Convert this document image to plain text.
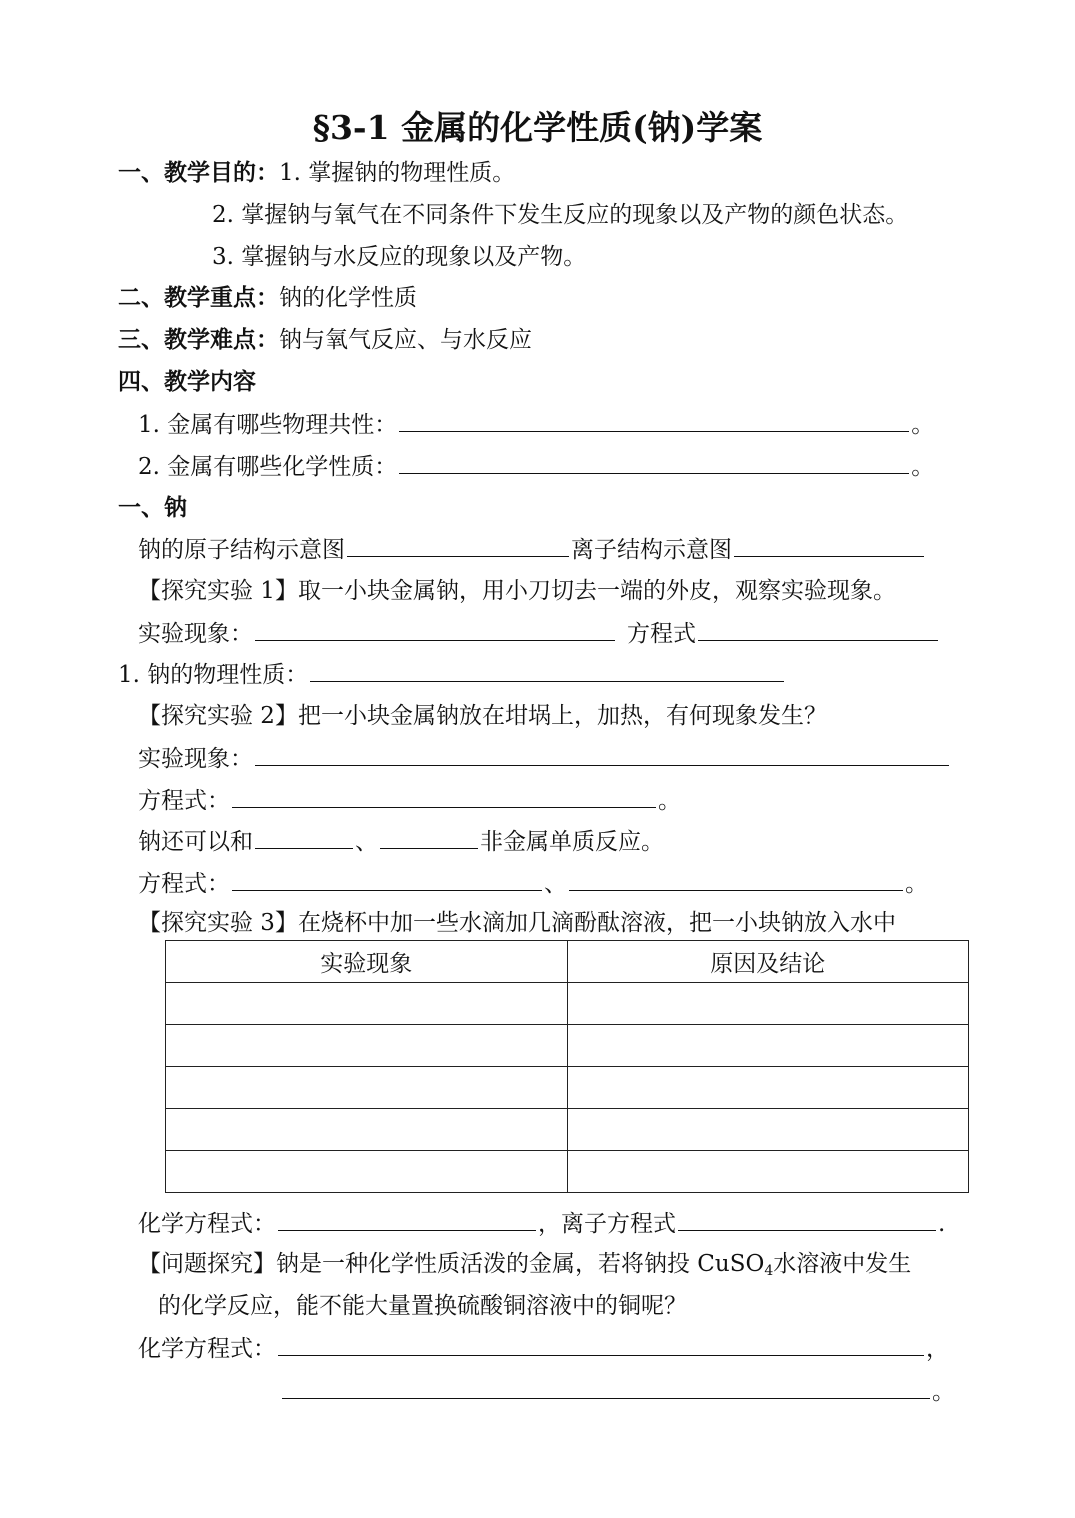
§3-1 金属的化学性质(钠)学案
一、教学目的：1. 掌握钠的物理性质。
2. 掌握钠与氧气在不同条件下发生反应的现象以及产物的颜色状态。
3. 掌握钠与水反应的现象以及产物。
二、教学重点：钠的化学性质
三、教学难点：钠与氧气反应、与水反应
四、教学内容
1. 金属有哪些物理共性：	。
2. 金属有哪些化学性质：	。
一、钠
钠的原子结构示意图	离子结构示意图
【探究实验 1】取一小块金属钠，用小刀切去一端的外皮，观察实验现象。
实验现象：	方程式
1. 钠的物理性质：
【探究实验 2】把一小块金属钠放在坩埚上，加热，有何现象发生？
实验现象：
方程式：	。
钠还可以和	、	非金属单质反应。
方程式：	、	。
【探究实验 3】在烧杯中加一些水滴加几滴酚酞溶液，把一小块钠放入水中
实验现象	原因及结论

化学方程式：	，离子方程式	.
【问题探究】钠是一种化学性质活泼的金属，若将钠投 CuSO$_4$水溶液中发生
的化学反应，能不能大量置换硫酸铜溶液中的铜呢？
化学方程式：	，
。
